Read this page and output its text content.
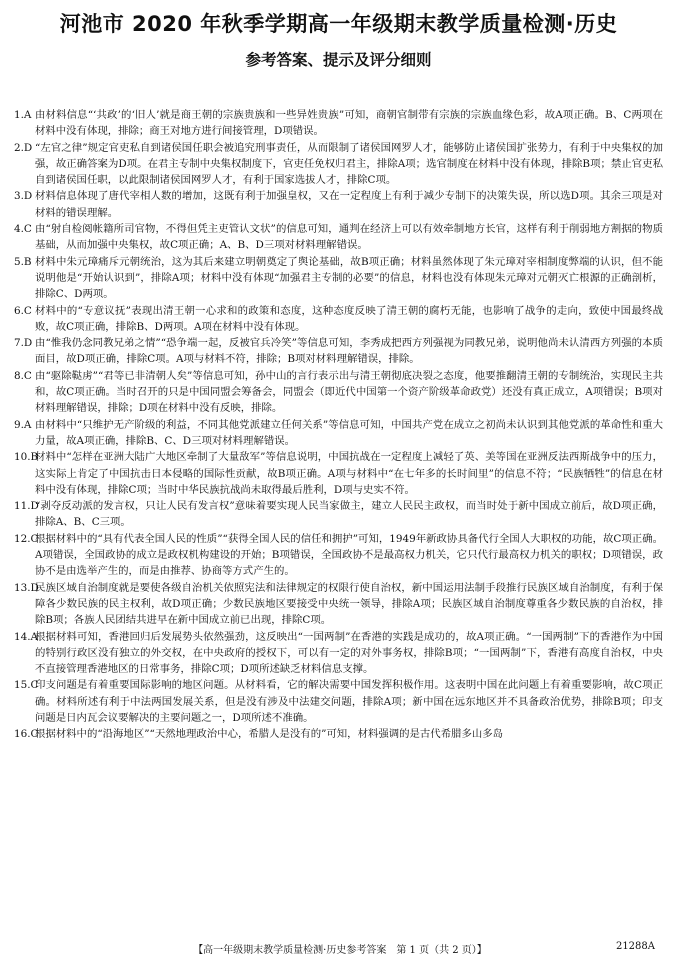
河池市 2020 年秋季学期高一年级期末教学质量检测·历史
参考答案、提示及评分细则
1.A 由材料信息“‘共政’的‘旧人’就是商王朝的宗族贵族和一些异姓贵族”可知，商朝官制带有宗族的宗族血缘色彩，故A项正确。B、C两项在材料中没有体现，排除；商王对地方进行间接管理，D项错误。
2.D “左官之律”规定官吏私自到诸侯国任职会被追究刑事责任，从而限制了诸侯国网罗人才，能够防止诸侯国扩张势力，有利于中央集权的加强，故正确答案为D项。在君主专制中央集权制度下，官吏任免权归君主，排除A项；选官制度在材料中没有体现，排除B项；禁止官吏私自到诸侯国任职，以此限制诸侯国网罗人才，有利于国家选拔人才，排除C项。
3.D 材料信息体现了唐代宰相人数的增加，这既有利于加强皇权，又在一定程度上有利于减少专制下的决策失误，所以选D项。其余三项是对材料的错误理解。
4.C 由“射自检阅帐籍所司官物，不得但凭主吏管认文状”的信息可知，通判在经济上可以有效牵制地方长官，这样有利于削弱地方割据的物质基础，从而加强中央集权，故C项正确；A、B、D三项对材料理解错误。
5.B 材料中朱元璋痛斥元朝统治，这为其后来建立明朝奠定了舆论基础，故B项正确；材料虽然体现了朱元璋对宰相制度弊端的认识，但不能说明他是“开始认识到”，排除A项；材料中没有体现“加强君主专制的必要”的信息，材料也没有体现朱元璋对元朝灭亡根源的正确剖析，排除C、D两项。
6.C 材料中的“专意议抚”表现出清王朝一心求和的政策和态度，这种态度反映了清王朝的腐朽无能，也影响了战争的走向，致使中国最终战败，故C项正确，排除B、D两项。A项在材料中没有体现。
7.D 由“惟我仍念同教兄弟之情”“恐争端一起，反被官兵冷笑”等信息可知，李秀成把西方列强视为同教兄弟，说明他尚未认清西方列强的本质面目，故D项正确，排除C项。A项与材料不符，排除；B项对材料理解错误，排除。
8.C 由“驱除鞑虏”“君等已非清朝人矣”等信息可知，孙中山的言行表示出与清王朝彻底决裂之态度，他要推翻清王朝的专制统治，实现民主共和，故C项正确。当时召开的只是中国同盟会筹备会，同盟会（即近代中国第一个资产阶级革命政党）还没有真正成立，A项错误；B项对材料理解错误，排除；D项在材料中没有反映，排除。
9.A 由材料中“只维护无产阶级的利益，不同其他党派建立任何关系”等信息可知，中国共产党在成立之初尚未认识到其他党派的革命性和重大力量，故A项正确，排除B、C、D三项对材料理解错误。
10.B
材料中“怎样在亚洲大陆广大地区牵制了大量敌军”等信息说明，中国抗战在一定程度上减轻了英、美等国在亚洲反法西斯战争中的压力，这实际上肯定了中国抗击日本侵略的国际性贡献，故B项正确。A项与材料中“在七年多的长时间里”的信息不符；“民族牺牲”的信息在材料中没有体现，排除C项；当时中华民族抗战尚未取得最后胜利，D项与史实不符。
11.D
“剥夺反动派的发言权，只让人民有发言权”意味着要实现人民当家做主，建立人民民主政权，而当时处于新中国成立前后，故D项正确，排除A、B、C三项。
12.C
根据材料中的“具有代表全国人民的性质”“获得全国人民的信任和拥护”可知，1949年新政协具备代行全国人大职权的功能，故C项正确。A项错误，全国政协的成立是政权机构建设的开始；B项错误，全国政协不是最高权力机关，它只代行最高权力机关的职权；D项错误，政协不是由选举产生的，而是由推荐、协商等方式产生的。
13.D
民族区域自治制度就是要使各级自治机关依照宪法和法律规定的权限行使自治权，新中国运用法制手段推行民族区域自治制度，有利于保障各少数民族的民主权利，故D项正确；少数民族地区要接受中央统一领导，排除A项；民族区域自治制度尊重各少数民族的自治权，排除B项；各族人民团结共进早在新中国成立前已出现，排除C项。
14.A
根据材料可知，香港回归后发展势头依然强劲，这反映出“一国两制”在香港的实践是成功的，故A项正确。“一国两制”下的香港作为中国的特别行政区没有独立的外交权，在中央政府的授权下，可以有一定的对外事务权，排除B项；“一国两制”下，香港有高度自治权，中央不直接管理香港地区的日常事务，排除C项；D项所述缺乏材料信息支撑。
15.C
印支问题是有着重要国际影响的地区问题。从材料看，它的解决需要中国发挥积极作用。这表明中国在此问题上有着重要影响，故C项正确。材料所述有利于中法两国发展关系，但是没有涉及中法建交问题，排除A项；新中国在远东地区并不具备政治优势，排除B项；印支问题是日内瓦会议要解决的主要问题之一，D项所述不准确。
16.C
根据材料中的“沿海地区”“天然地理政治中心，希腊人是没有的”可知，材料强调的是古代希腊多山多岛
【高一年级期末教学质量检测·历史参考答案　第 1 页（共 2 页）】	21288A
